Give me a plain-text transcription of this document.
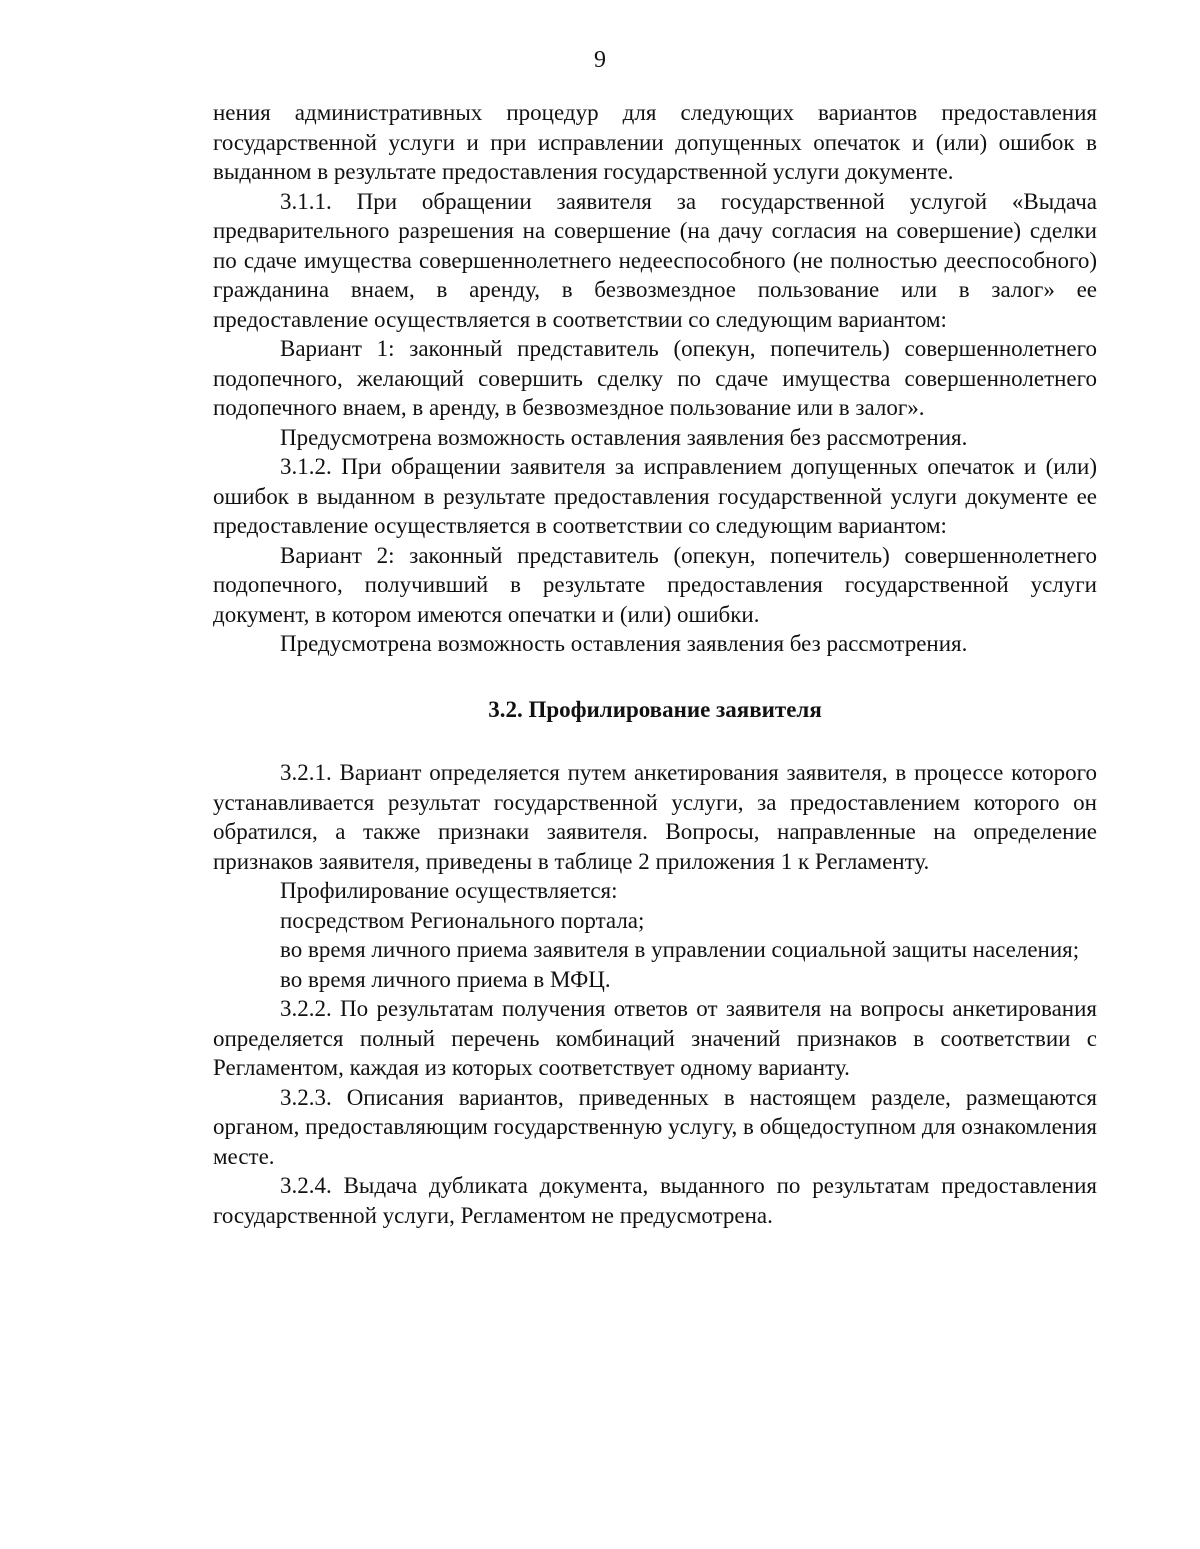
9

нения административных процедур для следующих вариантов предоставления государственной услуги и при исправлении допущенных опечаток и (или) ошибок в выданном в результате предоставления государственной услуги документе.

3.1.1. При обращении заявителя за государственной услугой «Выдача предварительного разрешения на совершение (на дачу согласия на совершение) сделки по сдаче имущества совершеннолетнего недееспособного (не полностью дееспособного) гражданина внаем, в аренду, в безвозмездное пользование или в залог» ее предоставление осуществляется в соответствии со следующим вариантом:

Вариант 1: законный представитель (опекун, попечитель) совершеннолетнего подопечного, желающий совершить сделку по сдаче имущества совершеннолетнего подопечного внаем, в аренду, в безвозмездное пользование или в залог».

Предусмотрена возможность оставления заявления без рассмотрения.

3.1.2. При обращении заявителя за исправлением допущенных опечаток и (или) ошибок в выданном в результате предоставления государственной услуги документе ее предоставление осуществляется в соответствии со следующим вариантом:

Вариант 2: законный представитель (опекун, попечитель) совершеннолетнего подопечного, получивший в результате предоставления государственной услуги документ, в котором имеются опечатки и (или) ошибки.

Предусмотрена возможность оставления заявления без рассмотрения.

3.2. Профилирование заявителя

3.2.1. Вариант определяется путем анкетирования заявителя, в процессе которого устанавливается результат государственной услуги, за предоставлением которого он обратился, а также признаки заявителя. Вопросы, направленные на определение признаков заявителя, приведены в таблице 2 приложения 1 к Регламенту.

Профилирование осуществляется:

посредством Регионального портала;

во время личного приема заявителя в управлении социальной защиты населения;

во время личного приема в МФЦ.

3.2.2. По результатам получения ответов от заявителя на вопросы анкетирования определяется полный перечень комбинаций значений признаков в соответствии с Регламентом, каждая из которых соответствует одному варианту.

3.2.3. Описания вариантов, приведенных в настоящем разделе, размещаются органом, предоставляющим государственную услугу, в общедоступном для ознакомления месте.

3.2.4. Выдача дубликата документа, выданного по результатам предоставления государственной услуги, Регламентом не предусмотрена.
